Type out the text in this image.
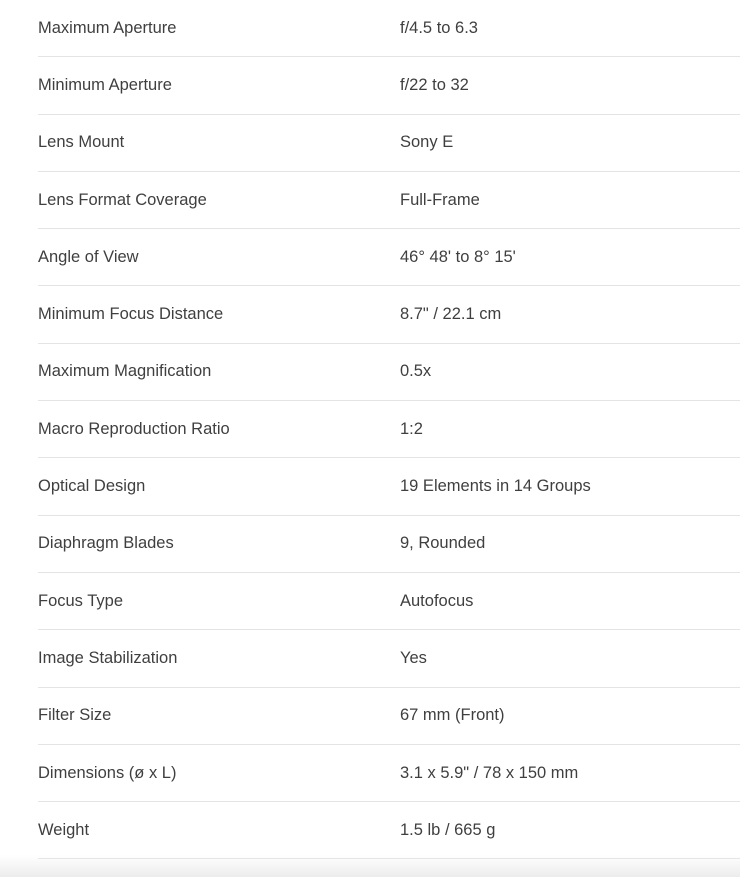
Maximum Aperture	f/4.5 to 6.3
Minimum Aperture	f/22 to 32
Lens Mount	Sony E
Lens Format Coverage	Full-Frame
Angle of View	46° 48' to 8° 15'
Minimum Focus Distance	8.7" / 22.1 cm
Maximum Magnification	0.5x
Macro Reproduction Ratio	1:2
Optical Design	19 Elements in 14 Groups
Diaphragm Blades	9, Rounded
Focus Type	Autofocus
Image Stabilization	Yes
Filter Size	67 mm (Front)
Dimensions (ø x L)	3.1 x 5.9" / 78 x 150 mm
Weight	1.5 lb / 665 g
